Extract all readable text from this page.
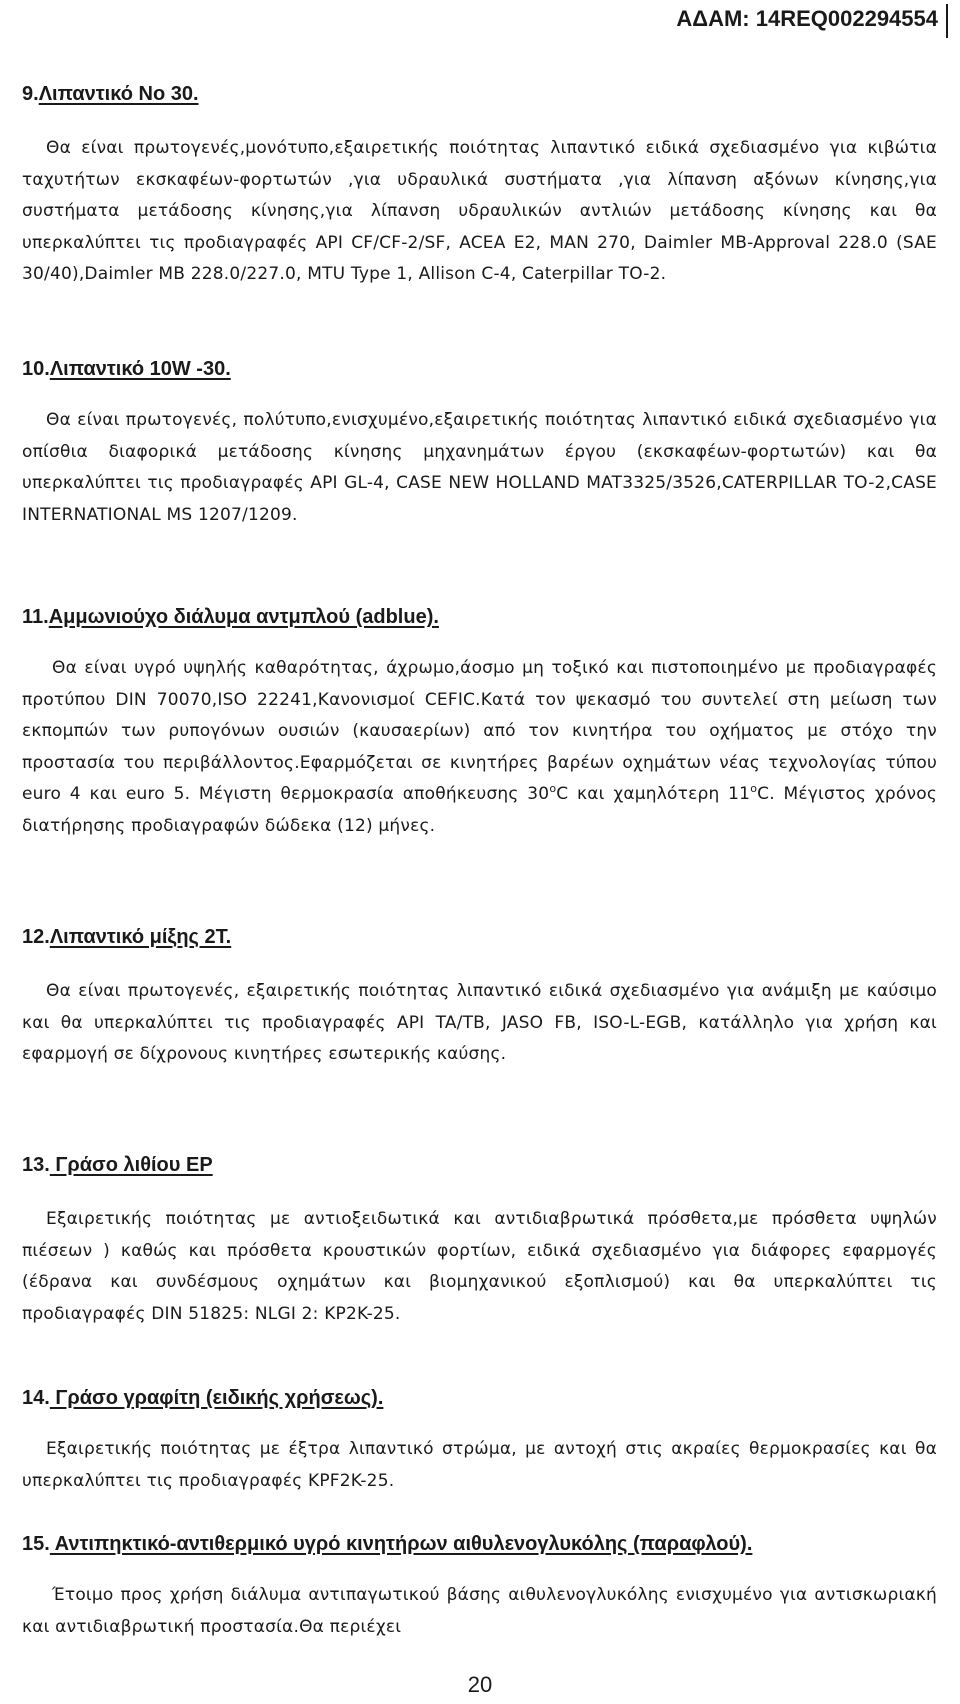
ΑΔΑΜ: 14REQ002294554

9.Λιπαντικό Νο 30.

Θα είναι πρωτογενές,μονότυπο,εξαιρετικής ποιότητας λιπαντικό ειδικά σχεδιασμένο για κιβώτια ταχυτήτων εκσκαφέων-φορτωτών ,για υδραυλικά συστήματα ,για λίπανση αξόνων κίνησης,για συστήματα μετάδοσης κίνησης,για λίπανση υδραυλικών αντλιών μετάδοσης κίνησης και θα υπερκαλύπτει τις προδιαγραφές API CF/CF-2/SF, ACEA E2, MAN 270, Daimler MB-Approval 228.0 (SAE 30/40),Daimler MB 228.0/227.0, MTU Type 1, Allison C-4, Caterpillar TO-2.

10.Λιπαντικό 10W -30.

Θα είναι πρωτογενές, πολύτυπο,ενισχυμένο,εξαιρετικής ποιότητας λιπαντικό ειδικά σχεδιασμένο για οπίσθια διαφορικά μετάδοσης κίνησης μηχανημάτων έργου (εκσκαφέων-φορτωτών) και θα υπερκαλύπτει τις προδιαγραφές API GL-4, CASE NEW HOLLAND MAT3325/3526,CATERPILLAR TO-2,CASE INTERNATIONAL MS 1207/1209.

11.Αμμωνιούχο διάλυμα αντμπλού (adblue).

Θα είναι υγρό υψηλής καθαρότητας, άχρωμο,άοσμο μη τοξικό και πιστοποιημένο με προδιαγραφές προτύπου DIN 70070,ISO 22241,Κανονισμοί CEFIC.Κατά τον ψεκασμό του συντελεί στη μείωση των εκπομπών των ρυπογόνων ουσιών (καυσαερίων) από τον κινητήρα του οχήματος με στόχο την προστασία του περιβάλλοντος.Εφαρμόζεται σε κινητήρες βαρέων οχημάτων νέας τεχνολογίας τύπου euro 4 και euro 5. Μέγιστη θερμοκρασία αποθήκευσης 30$^o$C και χαμηλότερη 11$^o$C. Μέγιστος χρόνος διατήρησης προδιαγραφών δώδεκα (12) μήνες.

12.Λιπαντικό μίξης 2Τ.

Θα είναι πρωτογενές, εξαιρετικής ποιότητας λιπαντικό ειδικά σχεδιασμένο για ανάμιξη με καύσιμο και θα υπερκαλύπτει τις προδιαγραφές API TA/TB, JASO FB, ISO-L-EGB, κατάλληλο για χρήση και εφαρμογή σε δίχρονους κινητήρες εσωτερικής καύσης.

13. Γράσο λιθίου EP

Εξαιρετικής ποιότητας με αντιοξειδωτικά και αντιδιαβρωτικά πρόσθετα,με πρόσθετα υψηλών πιέσεων ) καθώς και πρόσθετα κρουστικών φορτίων, ειδικά σχεδιασμένο για διάφορες εφαρμογές (έδρανα και συνδέσμους οχημάτων και βιομηχανικού εξοπλισμού) και θα υπερκαλύπτει τις προδιαγραφές DIN 51825: NLGI 2: KP2K-25.

14. Γράσο γραφίτη (ειδικής χρήσεως).

Εξαιρετικής ποιότητας με έξτρα λιπαντικό στρώμα, με αντοχή στις ακραίες θερμοκρασίες και θα υπερκαλύπτει τις προδιαγραφές KPF2K-25.

15. Αντιπηκτικό-αντιθερμικό υγρό κινητήρων αιθυλενογλυκόλης (παραφλού).

Έτοιμο προς χρήση διάλυμα αντιπαγωτικού βάσης αιθυλενογλυκόλης ενισχυμένο για αντισκωριακή και αντιδιαβρωτική προστασία.Θα περιέχει

20
